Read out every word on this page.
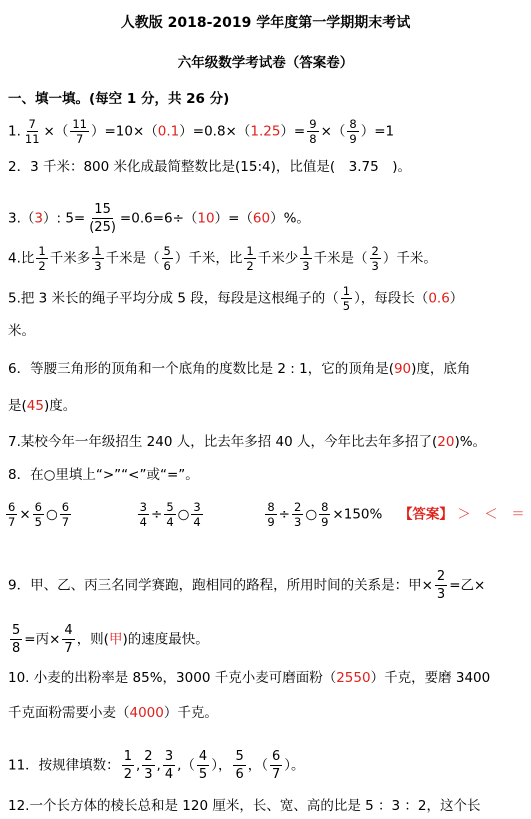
人教版 2018-2019 学年度第一学期期末考试
六年级数学考试卷（答案卷）
一、填一填。(每空 1 分，共 26 分)
1. $\frac{7}{11}$ ×（ $\frac{11}{7} )=10\times(0.1)=0.8\times(1.25)= \frac{9}{8}$ ×（ $\frac{8}{9} )=1$
2．3 千米：800 米化成最简整数比是(15:4)，比值是(　3.75　)。
3.（3）: $5= \frac{15}{(25)} =0.6=6\div(10)=(60)\%$。
4.比 $\frac{1}{2}$ 千米多 $\frac{1}{3}$ 千米是（ $\frac{5}{6}$ ）千米，比 $\frac{1}{2}$ 千米少 $\frac{1}{3}$ 千米是（ $\frac{2}{3}$ ）千米。
5.把 3 米长的绳子平均分成 5 段，每段是这根绳子的（ $\frac{1}{5}$ ），每段长（0.6）
米。
6．等腰三角形的顶角和一个底角的度数比是 2 : 1，它的顶角是(90)度，底角
是(45)度。
7.某校今年一年级招生 240 人，比去年多招 40 人，今年比去年多招了(20)%。
8．在○里填上“>”“<”或“=”。
$\frac{6}{7} \times \frac{6}{5}$ ○ $\frac{6}{7}$
	$\frac{3}{4} \div \frac{5}{4}$ ○ $\frac{3}{4}$
	$\frac{8}{9} \div \frac{2}{3}$ ○ $\frac{8}{9} \times 150\%$ 【答案】 ＞　＜　＝
9．甲、乙、丙三名同学赛跑，跑相同的路程，所用时间的关系是：甲× $\frac{2}{3}$ =乙×
$\frac{5}{8}$ =丙× $\frac{4}{7}$ ，则(甲)的速度最快。
10. 小麦的出粉率是 85%，3000 千克小麦可磨面粉（2550）千克，要磨 3400
千克面粉需要小麦（4000）千克。
11．按规律填数： $\frac{1}{2}$ , $\frac{2}{3}$ , $\frac{3}{4}$ ,（ $\frac{4}{5}$ ）， $\frac{5}{6}$ ，（ $\frac{6}{7}$ ）。
12.一个长方体的棱长总和是 120 厘米，长、宽、高的比是 5 ：3 ：2，这个长
